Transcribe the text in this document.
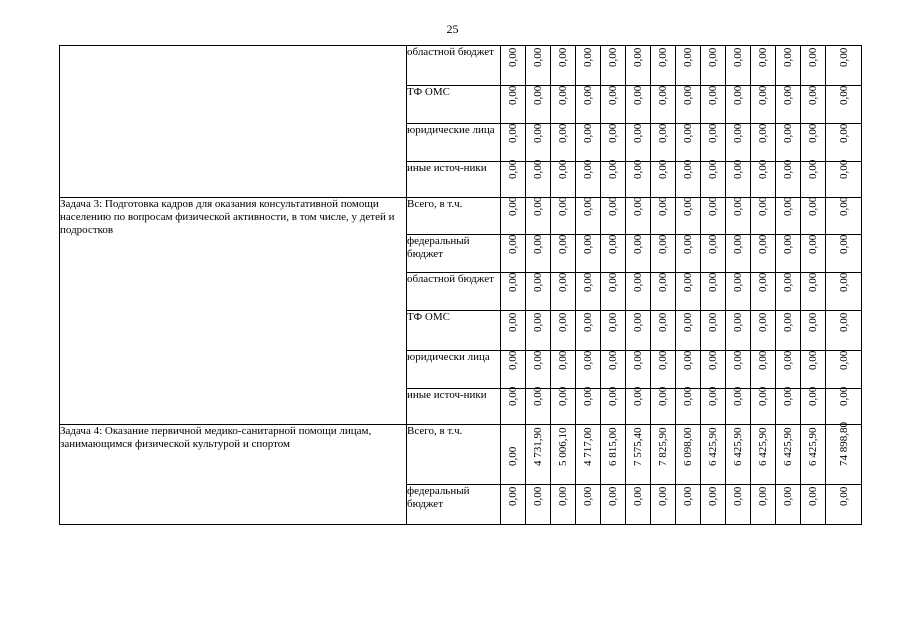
25
	областной бюджет	0,00	0,00	0,00	0,00	0,00	0,00	0,00	0,00	0,00	0,00	0,00	0,00	0,00	0,00

	ТФ ОМС	0,00	0,00	0,00	0,00	0,00	0,00	0,00	0,00	0,00	0,00	0,00	0,00	0,00	0,00

	юридические лица	0,00	0,00	0,00	0,00	0,00	0,00	0,00	0,00	0,00	0,00	0,00	0,00	0,00	0,00

	иные источ-ники	0,00	0,00	0,00	0,00	0,00	0,00	0,00	0,00	0,00	0,00	0,00	0,00	0,00	0,00

Задача 3: Подготовка кадров для оказания консультативной помощи населению по вопросам физической активности, в том числе, у детей и подростков	Всего, в т.ч.	0,00	0,00	0,00	0,00	0,00	0,00	0,00	0,00	0,00	0,00	0,00	0,00	0,00	0,00

	федеральный бюджет	0,00	0,00	0,00	0,00	0,00	0,00	0,00	0,00	0,00	0,00	0,00	0,00	0,00	0,00

	областной бюджет	0,00	0,00	0,00	0,00	0,00	0,00	0,00	0,00	0,00	0,00	0,00	0,00	0,00	0,00

	ТФ ОМС	0,00	0,00	0,00	0,00	0,00	0,00	0,00	0,00	0,00	0,00	0,00	0,00	0,00	0,00

	юридически лица	0,00	0,00	0,00	0,00	0,00	0,00	0,00	0,00	0,00	0,00	0,00	0,00	0,00	0,00

	иные источ-ники	0,00	0,00	0,00	0,00	0,00	0,00	0,00	0,00	0,00	0,00	0,00	0,00	0,00	0,00

Задача 4: Оказание первичной медико-санитарной помощи лицам, занимающимся физической культурой и спортом	Всего, в т.ч.	0,00	4 731,90	5 006,10	4 717,00	6 815,00	7 575,40	7 825,90	6 098,00	6 425,90	6 425,90	6 425,90	6 425,90	6 425,90	74 898,80

	федеральный бюджет	0,00	0,00	0,00	0,00	0,00	0,00	0,00	0,00	0,00	0,00	0,00	0,00	0,00	0,00
